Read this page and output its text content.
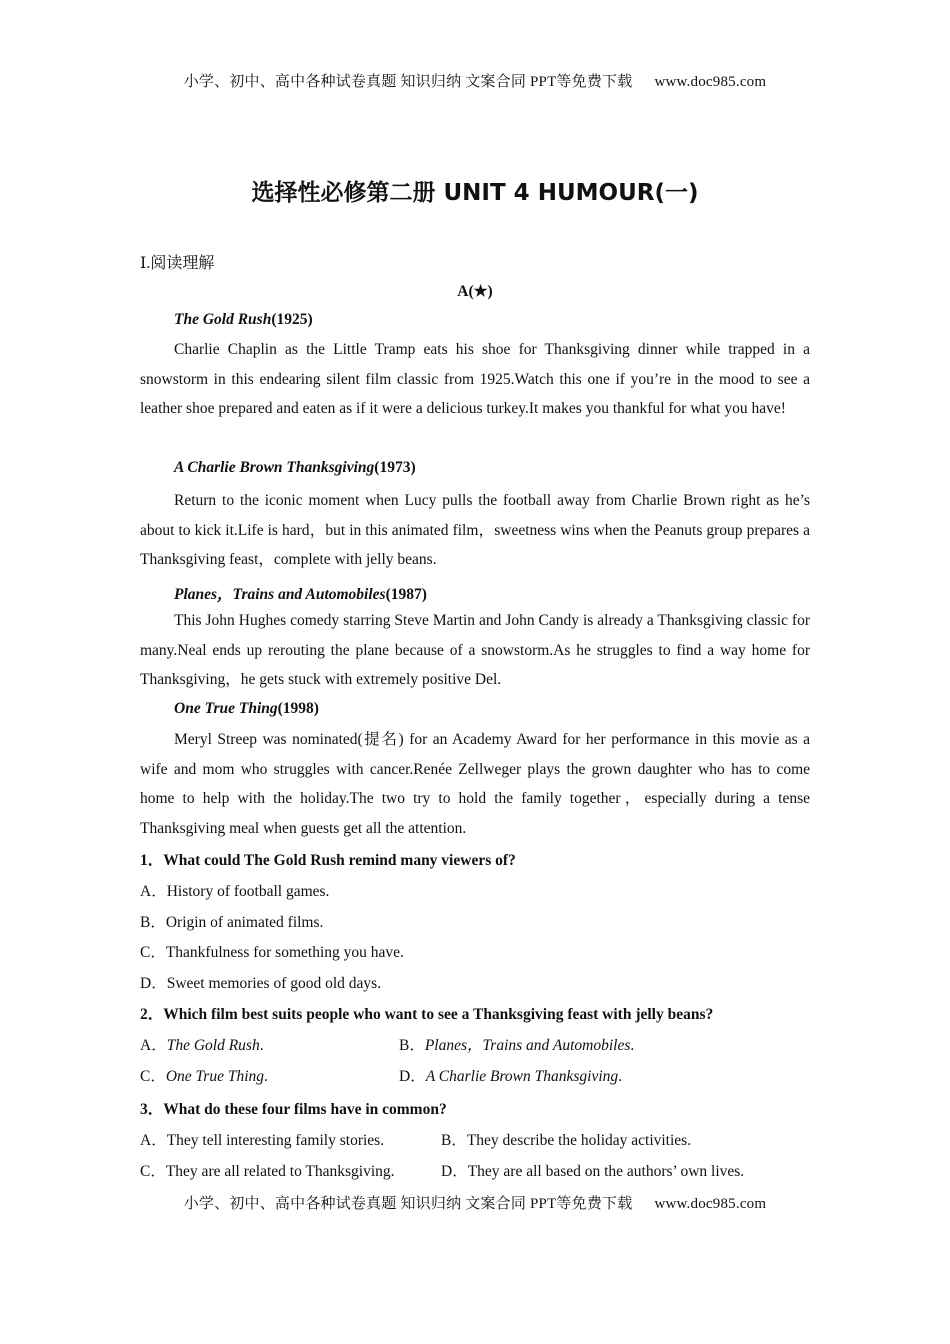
小学、初中、高中各种试卷真题 知识归纳 文案合同 PPT等免费下载 www.doc985.com
选择性必修第二册 UNIT 4 HUMOUR(一)
Ⅰ.阅读理解
A(★)
The Gold Rush(1925)
Charlie Chaplin as the Little Tramp eats his shoe for Thanksgiving dinner while trapped in a snowstorm in this endearing silent film classic from 1925.Watch this one if you’re in the mood to see a leather shoe prepared and eaten as if it were a delicious turkey.It makes you thankful for what you have!
A Charlie Brown Thanksgiving(1973)
Return to the iconic moment when Lucy pulls the football away from Charlie Brown right as he’s about to kick it.Life is hard，but in this animated film，sweetness wins when the Peanuts group prepares a Thanksgiving feast，complete with jelly beans.
Planes，Trains and Automobiles(1987)
This John Hughes comedy starring Steve Martin and John Candy is already a Thanksgiving classic for many.Neal ends up rerouting the plane because of a snowstorm.As he struggles to find a way home for Thanksgiving，he gets stuck with extremely positive Del.
One True Thing(1998)
Meryl Streep was nominated(提名) for an Academy Award for her performance in this movie as a wife and mom who struggles with cancer.Renée Zellweger plays the grown daughter who has to come home to help with the holiday.The two try to hold the family together，especially during a tense Thanksgiving meal when guests get all the attention.
1．What could The Gold Rush remind many viewers of?
A．History of football games.
B．Origin of animated films.
C．Thankfulness for something you have.
D．Sweet memories of good old days.
2．Which film best suits people who want to see a Thanksgiving feast with jelly beans?
A．The Gold Rush.	B．Planes，Trains and Automobiles.
C．One True Thing.	D．A Charlie Brown Thanksgiving.
3．What do these four films have in common?
A．They tell interesting family stories.	B．They describe the holiday activities.
C．They are all related to Thanksgiving.	D．They are all based on the authors’ own lives.
小学、初中、高中各种试卷真题 知识归纳 文案合同 PPT等免费下载 www.doc985.com
